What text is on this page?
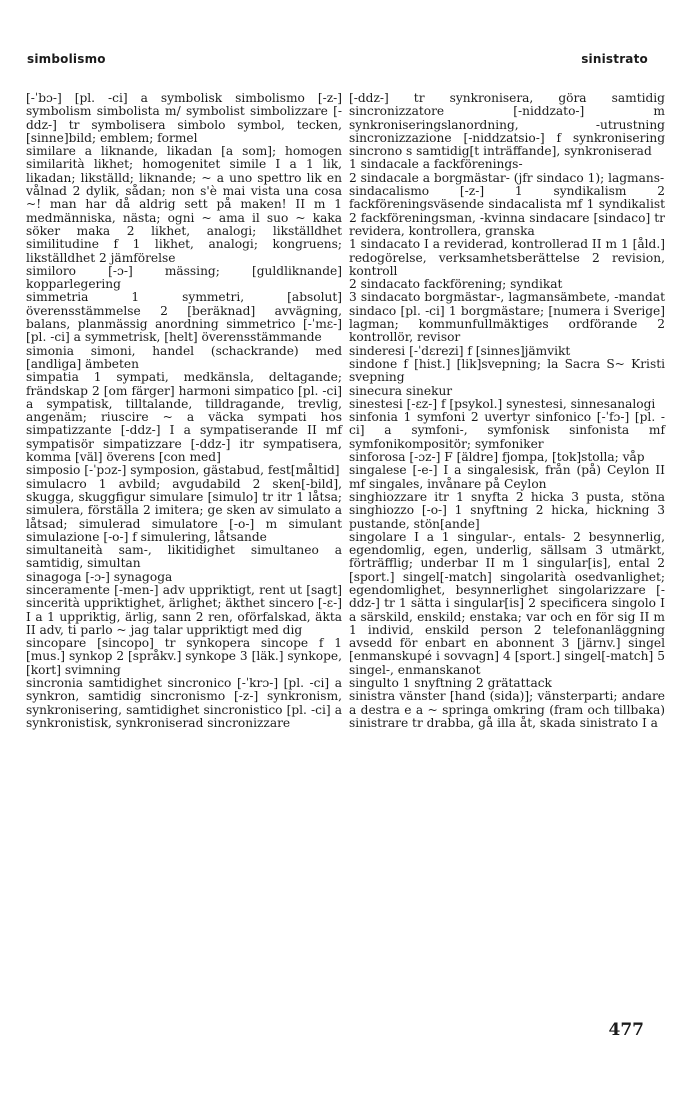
simbolismo	sinistrato

[-ˈbɔ-] [pl. -ci] a symbolisk simbolismo [-z-] symbolism simbolista m/ symbolist simbolizzare [-ddz-] tr symbolisera simbolo symbol, tecken, [sinne]bild; emblem; formel

similare a liknande, likadan [a som]; homogen similarità likhet; homogenitet simile I a 1 lik, likadan; likställd; liknande; ~ a uno spettro lik en vålnad 2 dylik, sådan; non s'è mai vista una cosa ~! man har då aldrig sett på maken! II m 1 medmänniska, nästa; ogni ~ ama il suo ~ kaka söker maka 2 likhet, analogi; likställdhet similitudine f 1 likhet, analogi; kongruens; likställdhet 2 jämförelse

similoro [-ɔ-] mässing; [guldliknande] kopparlegering

simmetria 1 symmetri, [absolut] överensstämmelse 2 [beräknad] avvägning, balans, planmässig anordning simmetrico [-ˈmɛ-] [pl. -ci] a symmetrisk, [helt] överensstämmande

simonia simoni, handel (schackrande) med [andliga] ämbeten

simpatia 1 sympati, medkänsla, deltagande; frändskap 2 [om färger] harmoni simpatico [pl. -ci] a sympatisk, tilltalande, tilldragande, trevlig, angenäm; riuscire ~ a väcka sympati hos simpatizzante [-ddz-] I a sympatiserande II mf sympatisör simpatizzare [-ddz-] itr sympatisera, komma [väl] överens [con med]

simposio [-ˈpɔz-] symposion, gästabud, fest[måltid]

simulacro 1 avbild; avgudabild 2 sken[-bild], skugga, skuggfigur simulare [simulo] tr itr 1 låtsa; simulera, förställa 2 imitera; ge sken av simulato a låtsad; simulerad simulatore [-o-] m simulant simulazione [-o-] f simulering, låtsande

simultaneità sam-, likitidighet simultaneo a samtidig, simultan

sinagoga [-ɔ-] synagoga

sinceramente [-men-] adv uppriktigt, rent ut [sagt] sincerità uppriktighet, ärlighet; äkthet sincero [-ɛ-] I a 1 uppriktig, ärlig, sann 2 ren, oförfalskad, äkta II adv, ti parlo ~ jag talar uppriktigt med dig

sincopare [sincopo] tr synkopera sincope f 1 [mus.] synkop 2 [språkv.] synkope 3 [läk.] synkope, [kort] svimning

sincronia samtidighet sincronico [-ˈkrɔ-] [pl. -ci] a synkron, samtidig sincronismo [-z-] synkronism, synkronisering, samtidighet sincronistico [pl. -ci] a synkronistisk, synkroniserad sincronizzare

[-ddz-] tr synkronisera, göra samtidig sincronizzatore [-niddzato-] m synkroniseringslanordning, -utrustning sincronizzazione [-niddzatsio-] f synkronisering sincrono s samtidig[t inträffande], synkroniserad

1 sindacale a fackförenings-

2 sindacale a borgmästar- (jfr sindaco 1); lagmans-

sindacalismo [-z-] 1 syndikalism 2 fackföreningsväsende sindacalista mf 1 syndikalist 2 fackföreningsman, -kvinna sindacare [sindaco] tr revidera, kontrollera, granska

1 sindacato I a reviderad, kontrollerad II m 1 [åld.] redogörelse, verksamhetsberättelse 2 revision, kontroll

2 sindacato fackförening; syndikat

3 sindacato borgmästar-, lagmansämbete, -mandat sindaco [pl. -ci] 1 borgmästare; [numera i Sverige] lagman; kommunfullmäktiges ordförande 2 kontrollör, revisor

sinderesi [-ˈdɛrezi] f [sinnes]jämvikt

sindone f [hist.] [lik]svepning; la Sacra S~ Kristi svepning

sinecura sinekur

sinestesi [-ɛz-] f [psykol.] synestesi, sinnesanalogi

sinfonia 1 symfoni 2 uvertyr sinfonico [-ˈfɔ-] [pl. -ci] a symfoni-, symfonisk sinfonista mf symfonikompositör; symfoniker

sinforosa [-ɔz-] F [äldre] fjompa, [tok]stolla; våp

singalese [-e-] I a singalesisk, från (på) Ceylon II mf singales, invånare på Ceylon

singhiozzare itr 1 snyfta 2 hicka 3 pusta, stöna singhiozzo [-o-] 1 snyftning 2 hicka, hickning 3 pustande, stön[ande]

singolare I a 1 singular-, entals- 2 besynnerlig, egendomlig, egen, underlig, sällsam 3 utmärkt, förträfflig; underbar II m 1 singular[is], ental 2 [sport.] singel[-match] singolarità osedvanlighet; egendomlighet, besynnerlighet singolarizzare [-ddz-] tr 1 sätta i singular[is] 2 specificera singolo I a särskild, enskild; enstaka; var och en för sig II m 1 individ, enskild person 2 telefonanläggning avsedd för enbart en abonnent 3 [järnv.] singel [enmanskupé i sovvagn] 4 [sport.] singel[-match] 5 singel-, enmanskanot

singulto 1 snyftning 2 grätattack

sinistra vänster [hand (sida)]; vänsterparti; andare a destra e a ~ springa omkring (fram och tillbaka) sinistrare tr drabba, gå illa åt, skada sinistrato I a

477
